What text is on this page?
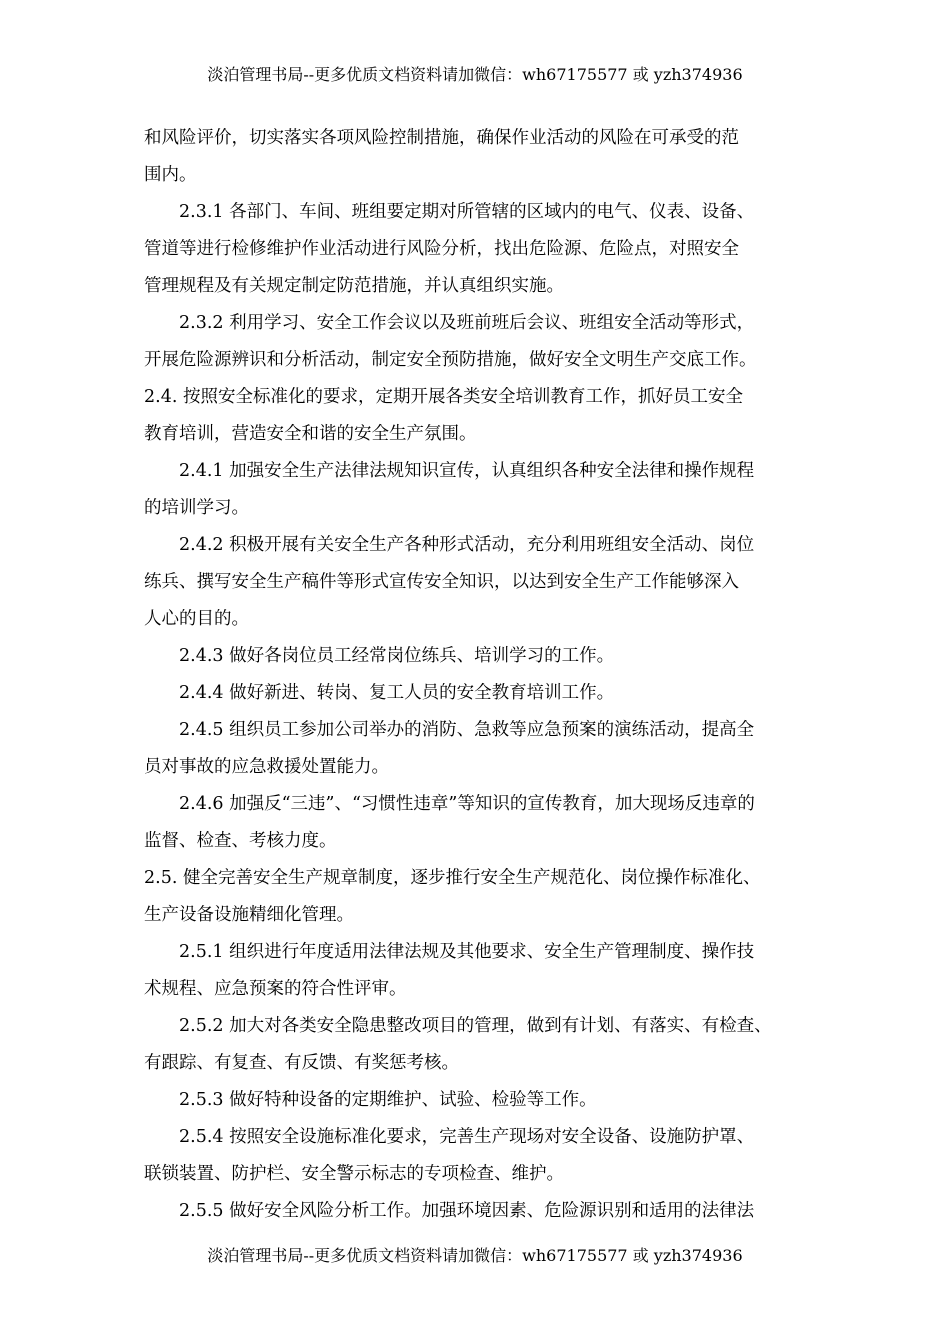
淡泊管理书局--更多优质文档资料请加微信：wh67175577 或 yzh374936
和风险评价，切实落实各项风险控制措施，确保作业活动的风险在可承受的范
围内。
2.3.1 各部门、车间、班组要定期对所管辖的区域内的电气、仪表、设备、
管道等进行检修维护作业活动进行风险分析，找出危险源、危险点，对照安全
管理规程及有关规定制定防范措施，并认真组织实施。
2.3.2 利用学习、安全工作会议以及班前班后会议、班组安全活动等形式，
开展危险源辨识和分析活动，制定安全预防措施，做好安全文明生产交底工作。
2.4. 按照安全标准化的要求，定期开展各类安全培训教育工作，抓好员工安全
教育培训，营造安全和谐的安全生产氛围。
2.4.1 加强安全生产法律法规知识宣传，认真组织各种安全法律和操作规程
的培训学习。
2.4.2 积极开展有关安全生产各种形式活动，充分利用班组安全活动、岗位
练兵、撰写安全生产稿件等形式宣传安全知识，以达到安全生产工作能够深入
人心的目的。
2.4.3 做好各岗位员工经常岗位练兵、培训学习的工作。
2.4.4 做好新进、转岗、复工人员的安全教育培训工作。
2.4.5 组织员工参加公司举办的消防、急救等应急预案的演练活动，提高全
员对事故的应急救援处置能力。
2.4.6 加强反“三违”、“习惯性违章”等知识的宣传教育，加大现场反违章的
监督、检查、考核力度。
2.5. 健全完善安全生产规章制度，逐步推行安全生产规范化、岗位操作标准化、
生产设备设施精细化管理。
2.5.1 组织进行年度适用法律法规及其他要求、安全生产管理制度、操作技
术规程、应急预案的符合性评审。
2.5.2 加大对各类安全隐患整改项目的管理，做到有计划、有落实、有检查、
有跟踪、有复查、有反馈、有奖惩考核。
2.5.3 做好特种设备的定期维护、试验、检验等工作。
2.5.4 按照安全设施标准化要求，完善生产现场对安全设备、设施防护罩、
联锁装置、防护栏、安全警示标志的专项检查、维护。
2.5.5 做好安全风险分析工作。加强环境因素、危险源识别和适用的法律法
淡泊管理书局--更多优质文档资料请加微信：wh67175577 或 yzh374936
